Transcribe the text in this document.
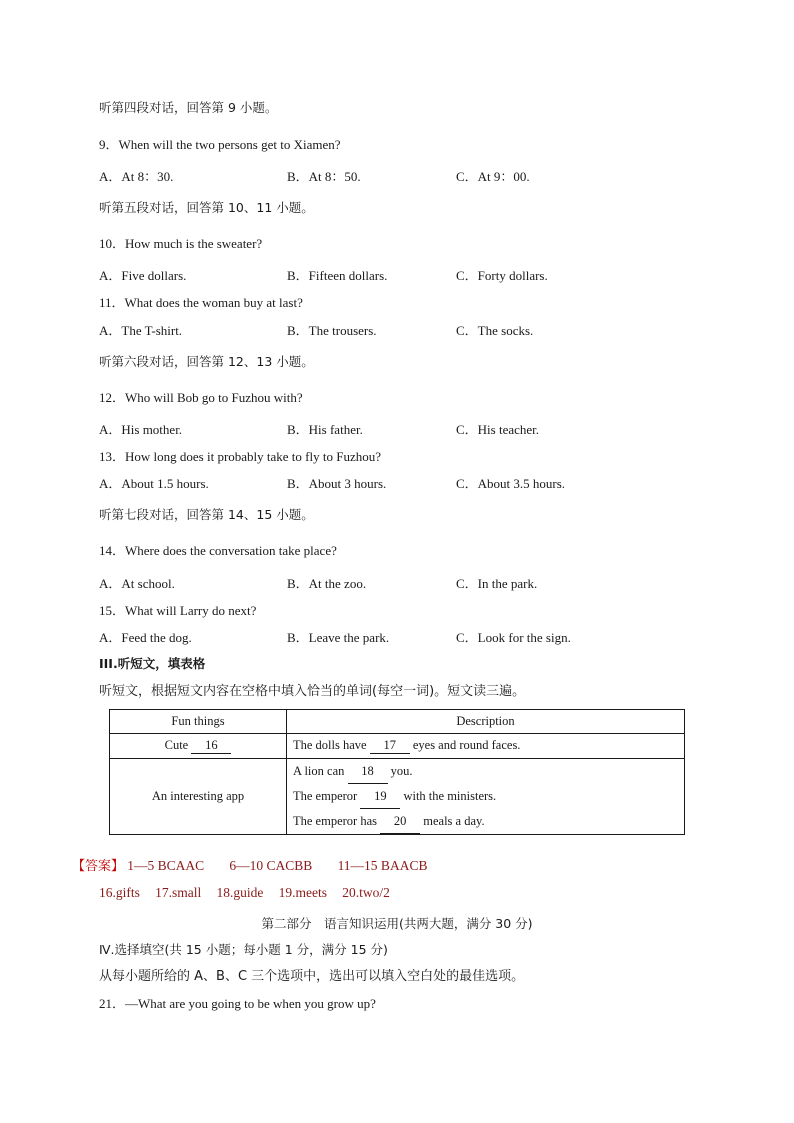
听第四段对话，回答第 9 小题。
9．When will the two persons get to Xiamen?
A．At 8：30.	B．At 8：50.	C．At 9：00.
听第五段对话，回答第 10、11 小题。
10．How much is the sweater?
A．Five dollars.	B．Fifteen dollars.	C．Forty dollars.
11．What does the woman buy at last?
A．The T-shirt.	B．The trousers.	C．The socks.
听第六段对话，回答第 12、13 小题。
12．Who will Bob go to Fuzhou with?
A．His mother.	B．His father.	C．His teacher.
13．How long does it probably take to fly to Fuzhou?
A．About 1.5 hours.	B．About 3 hours.	C．About 3.5 hours.
听第七段对话，回答第 14、15 小题。
14．Where does the conversation take place?
A．At school.	B．At the zoo.	C．In the park.
15．What will Larry do next?
A．Feed the dog.	B．Leave the park.	C．Look for the sign.
III.听短文，填表格
听短文，根据短文内容在空格中填入恰当的单词(每空一词)。短文读三遍。
Fun things	Description
Cute 16	The dolls have 17 eyes and round faces.
An interesting app	A lion can 18 you.
The emperor 19 with the ministers.
The emperor has 20 meals a day.
【答案】 1—5 BCAAC 6—10 CACBB 11—15 BAACB
16.gifts 17.small 18.guide 19.meets 20.two/2
第二部分　语言知识运用(共两大题，满分 30 分)
Ⅳ.选择填空(共 15 小题；每小题 1 分，满分 15 分)
从每小题所给的 A、B、C 三个选项中，选出可以填入空白处的最佳选项。
21．—What are you going to be when you grow up?
